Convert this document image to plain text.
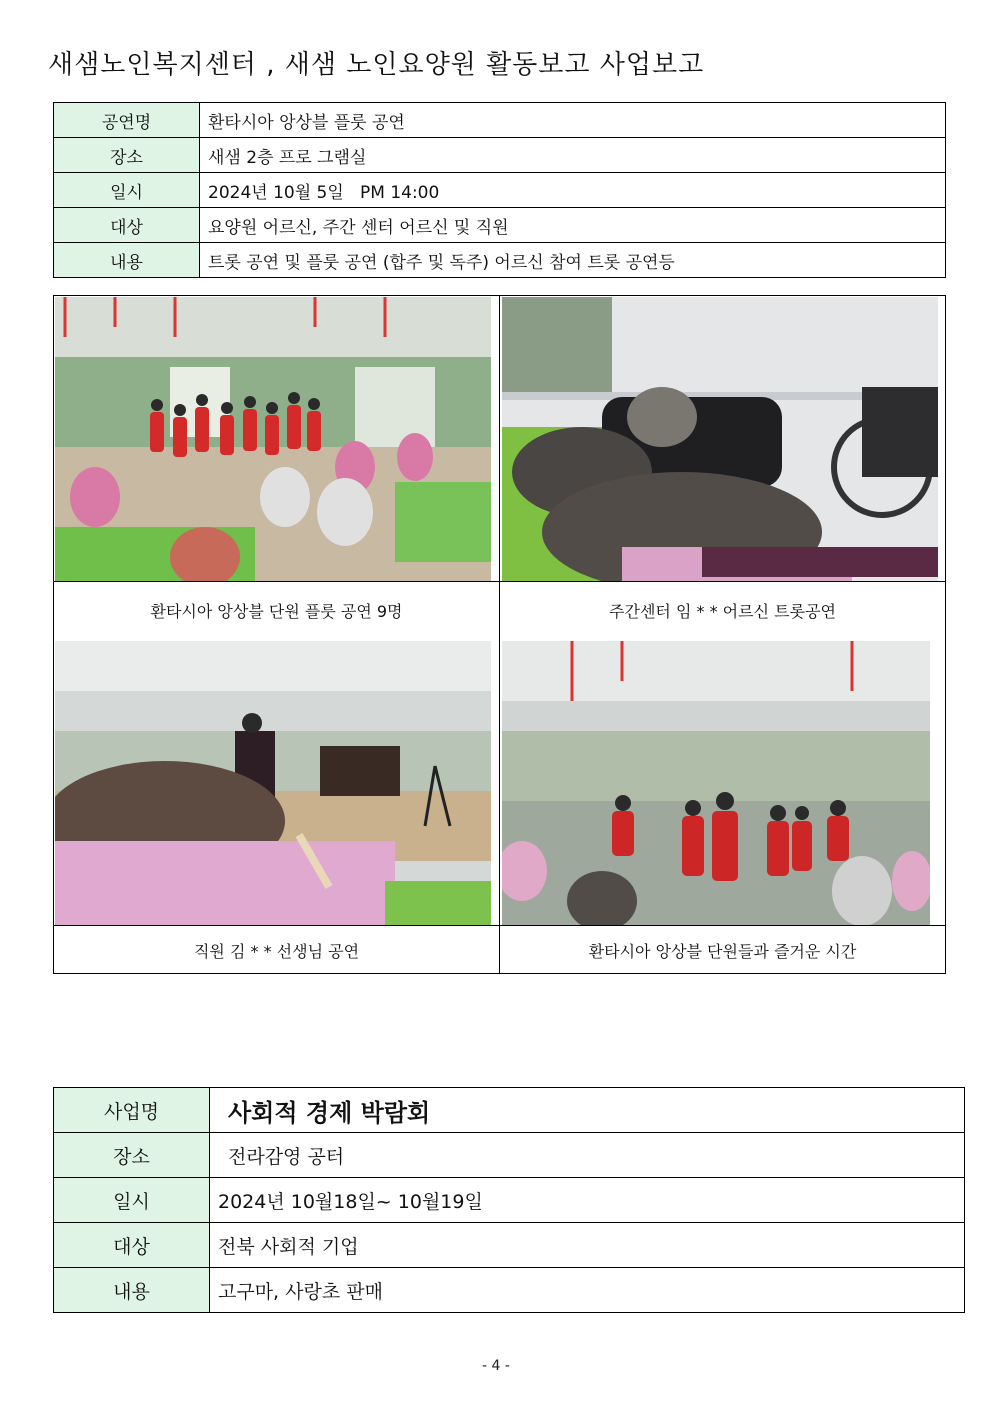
새샘노인복지센터 , 새샘 노인요양원 활동보고 사업보고
공연명	환타시아 앙상블 플룻 공연
장소	새샘 2층 프로 그램실
일시	2024년 10월 5일   PM 14:00
대상	요양원 어르신, 주간 센터 어르신 및 직원
내용	트롯 공연 및 플룻 공연 (합주 및 독주) 어르신 참여 트롯 공연등
환타시아 앙상블 단원 플룻 공연 9명	주간센터 임 * * 어르신 트롯공연
직원 김 * * 선생님 공연	환타시아 앙상블 단원들과 즐거운 시간
사업명	사회적 경제 박람회
장소	전라감영 공터
일시	2024년 10월18일~ 10월19일
대상	전북 사회적 기업
내용	고구마, 사랑초 판매
- 4 -
